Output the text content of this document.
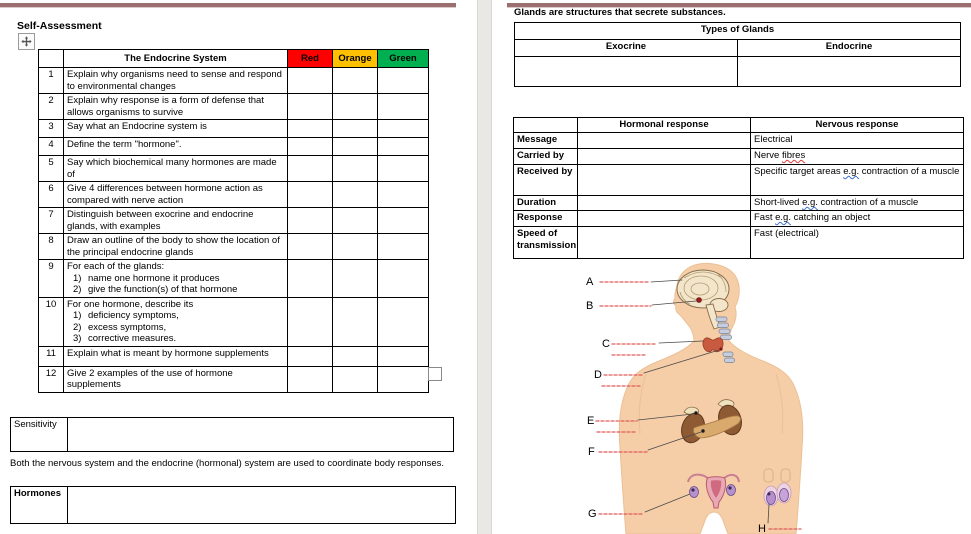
Self-Assessment
	The Endocrine System	Red	Orange	Green
1	Explain why organisms need to sense and respond to environmental changes			

2	Explain why response is a form of defense that allows organisms to survive			

3	Say what an Endocrine system is			

4	Define the term "hormone".			

5	Say which biochemical many hormones are made of			

6	Give 4 differences between hormone action as compared with nerve action			

7	Distinguish between exocrine and endocrine glands, with examples			

8	Draw an outline of the body to show the location of the principal endocrine glands			

9	For each of the glands:
1) name one hormone it produces
2) give the function(s) of that hormone			

10	For one hormone, describe its
1) deficiency symptoms,
2) excess symptoms,
3) corrective measures.

11	Explain what is meant by hormone supplements			

12	Give 2 examples of the use of hormone supplements			

Sensitivity	
Both the nervous system and the endocrine (hormonal) system are used to coordinate body responses.
Hormones	
Glands are structures that secrete substances.
Types of Glands	
Exocrine	Endocrine

	Hormonal response	Nervous response
Message		Electrical
Carried by		Nerve fibres
Received by		Specific target areas e.g. contraction of a muscle
Duration		Short-lived e.g. contraction of a muscle
Response		Fast e.g. catching an object
Speed of transmission		Fast (electrical)
A
B
C
D
E
F
G
H
